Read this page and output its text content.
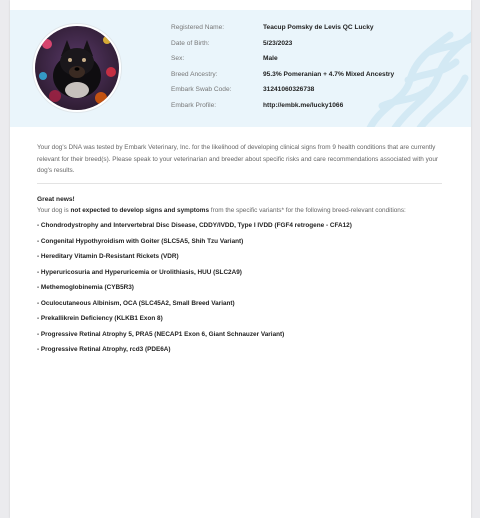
Registered Name:	Teacup Pomsky de Levis QC Lucky
Date of Birth:	5/23/2023
Sex:	Male
Breed Ancestry:	95.3% Pomeranian + 4.7% Mixed Ancestry
Embark Swab Code:	31241060326738
Embark Profile:	http://embk.me/lucky1066
Your dog's DNA was tested by Embark Veterinary, Inc. for the likelihood of developing clinical signs from 9 health conditions that are currently relevant for their breed(s). Please speak to your veterinarian and breeder about specific risks and care recommendations associated with your dog's results.
Great news!
Your dog is not expected to develop signs and symptoms from the specific variants* for the following breed-relevant conditions:
- Chondrodystrophy and Intervertebral Disc Disease, CDDY/IVDD, Type I IVDD (FGF4 retrogene - CFA12)
- Congenital Hypothyroidism with Goiter (SLC5A5, Shih Tzu Variant)
- Hereditary Vitamin D-Resistant Rickets (VDR)
- Hyperuricosuria and Hyperuricemia or Urolithiasis, HUU (SLC2A9)
- Methemoglobinemia (CYB5R3)
- Oculocutaneous Albinism, OCA (SLC45A2, Small Breed Variant)
- Prekallikrein Deficiency (KLKB1 Exon 8)
- Progressive Retinal Atrophy 5, PRA5 (NECAP1 Exon 6, Giant Schnauzer Variant)
- Progressive Retinal Atrophy, rcd3 (PDE6A)
